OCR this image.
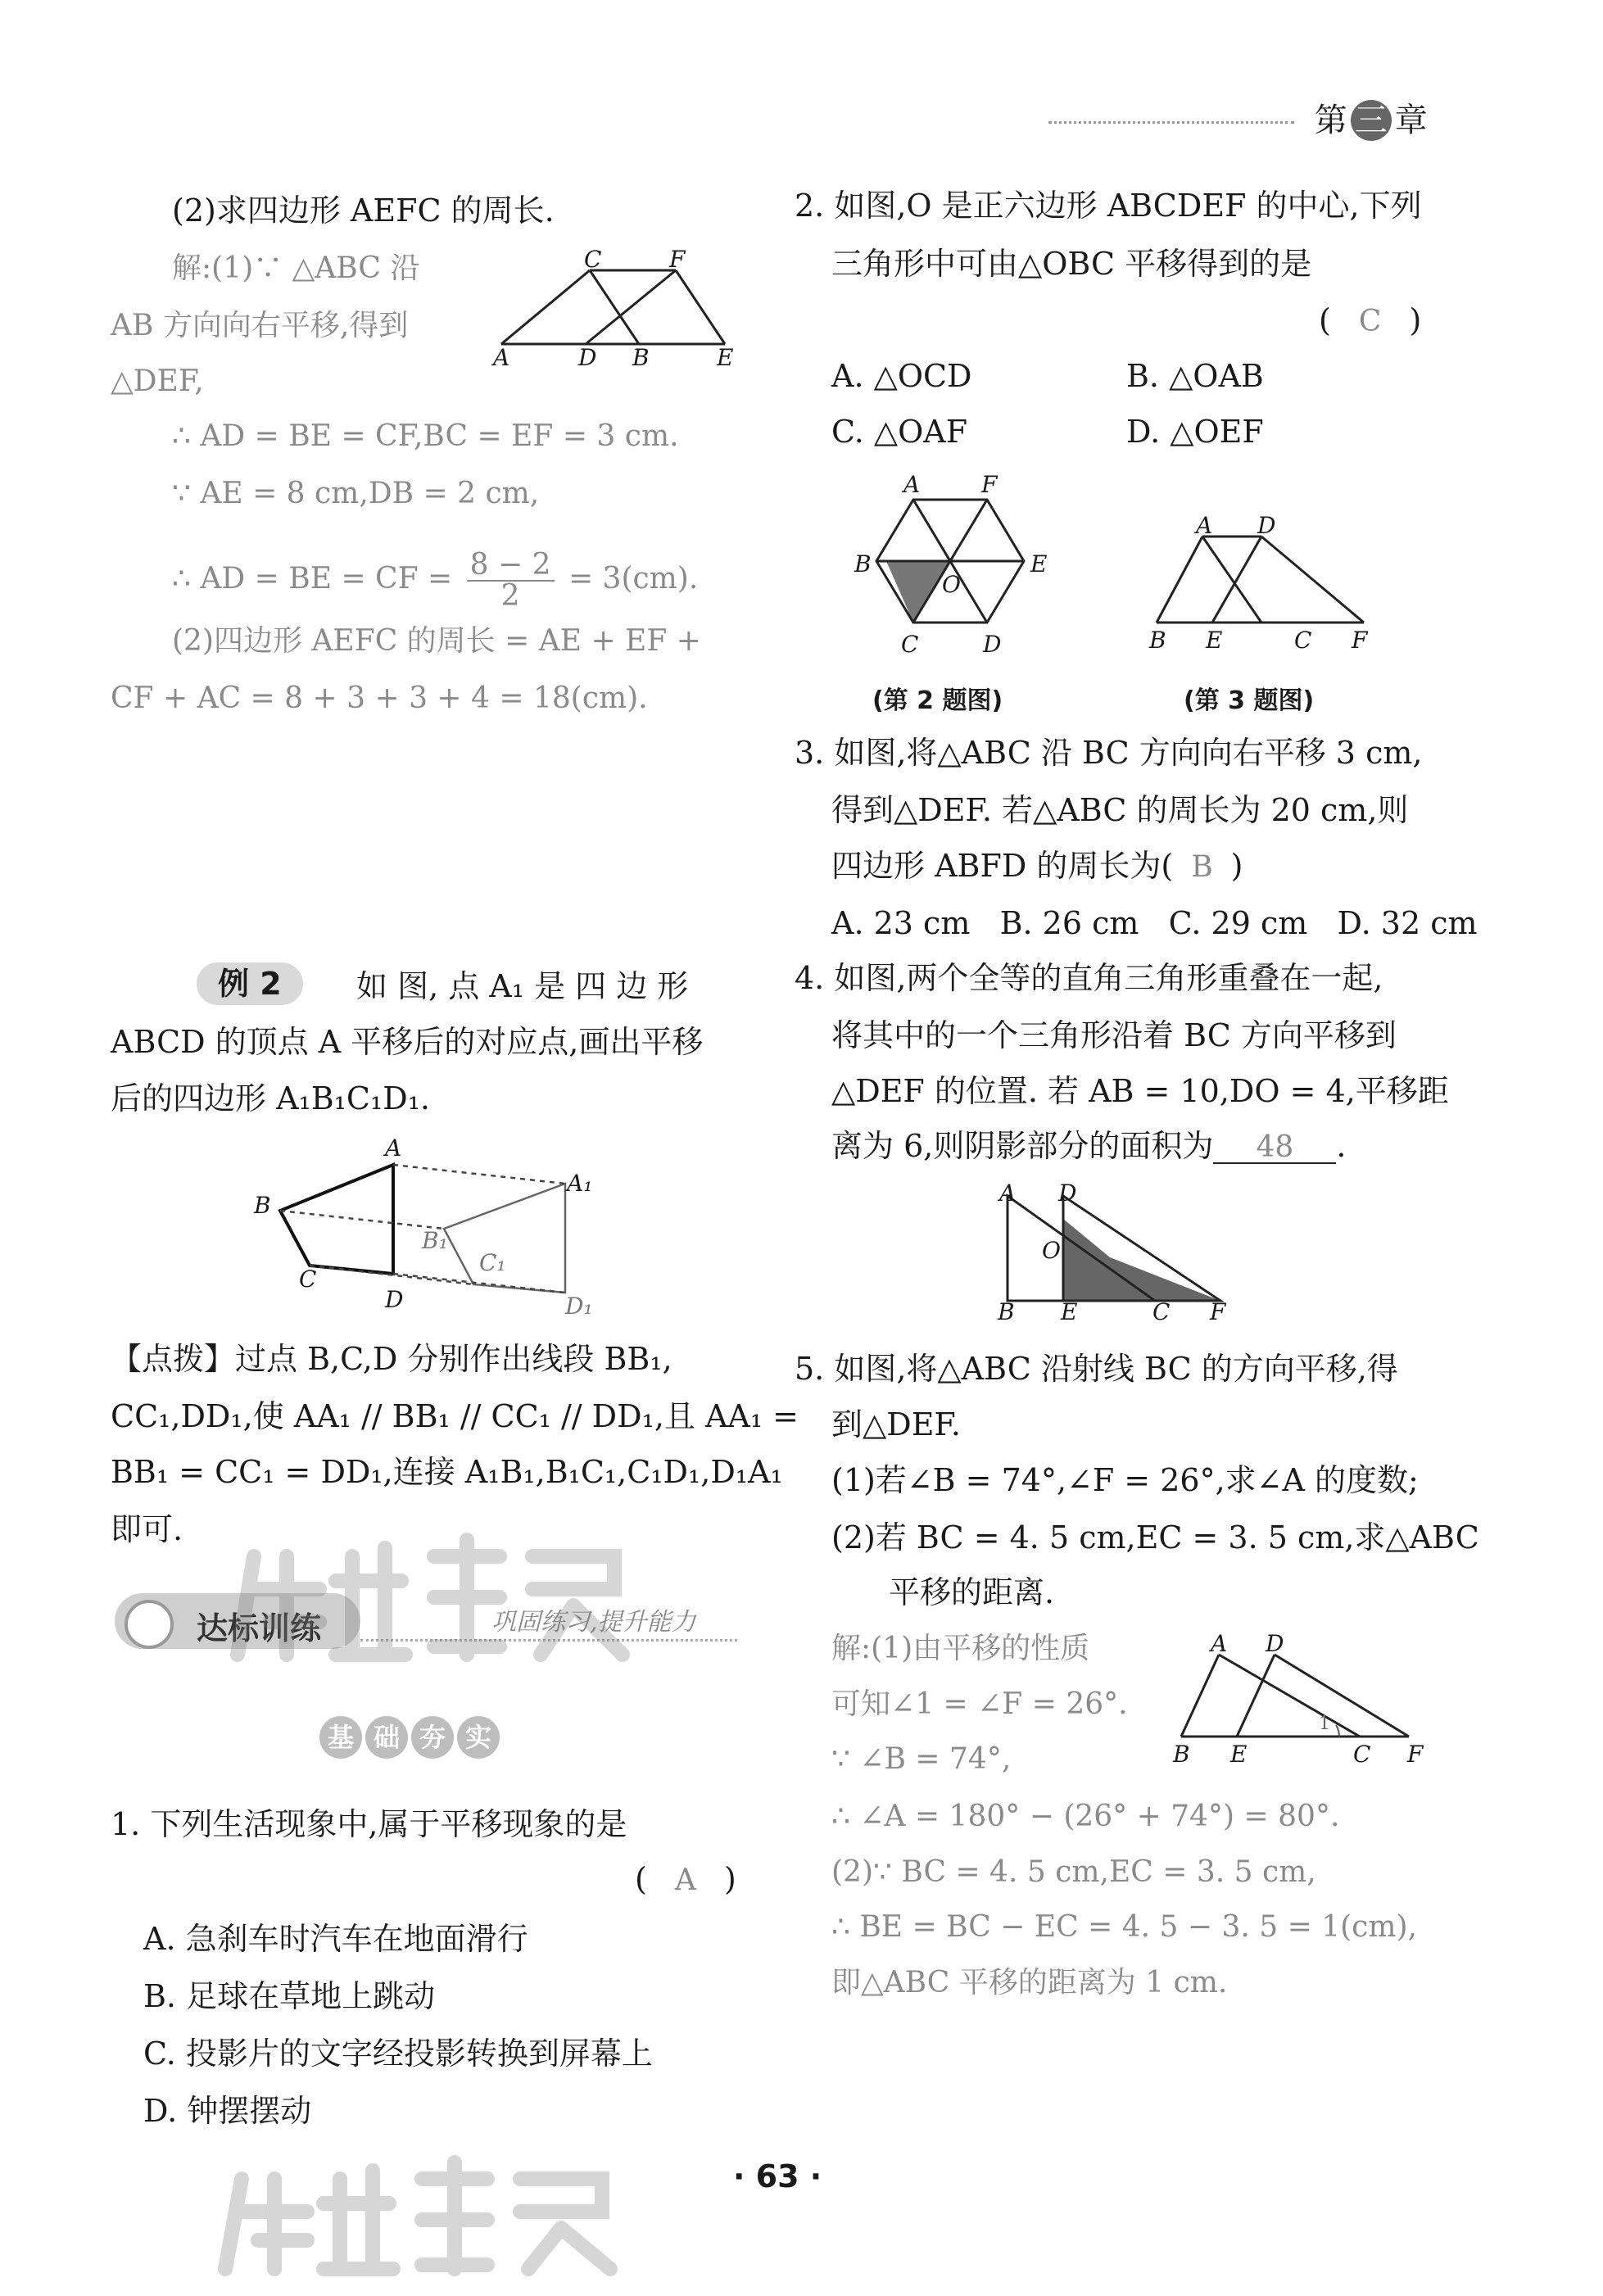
第 三 章
(2)求四边形 AEFC 的周长.
解:(1)∵ △ABC 沿
AB 方向向右平移,得到
△DEF,
C	F
A	D B	E
∴ AD = BE = CF,BC = EF = 3 cm.
∵ AE = 8 cm,DB = 2 cm,
∴ AD = BE = CF = $\frac{8 - 2}{2} = 3(cm)$.
(2)四边形 AEFC 的周长 = AE + EF +
CF + AC = 8 + 3 + 3 + 4 = 18(cm).
例 2	如 图, 点 A₁ 是 四 边 形
ABCD 的顶点 A 平移后的对应点,画出平移
后的四边形 A₁B₁C₁D₁.
A
A₁
B
B₁
C
C₁
D	D₁
【点拨】过点 B,C,D 分别作出线段 BB₁,
CC₁,DD₁,使 AA₁ // BB₁ // CC₁ // DD₁,且 AA₁ =
BB₁ = CC₁ = DD₁,连接 A₁B₁,B₁C₁,C₁D₁,D₁A₁
即可.
达标训练	巩固练习,提升能力
基 础 夯 实
1. 下列生活现象中,属于平移现象的是
( A )
A. 急刹车时汽车在地面滑行
B. 足球在草地上跳动
C. 投影片的文字经投影转换到屏幕上
D. 钟摆摆动
2. 如图,O 是正六边形 ABCDEF 的中心,下列
三角形中可由△OBC 平移得到的是
( C )
A. △OCD	B. △OAB
C. △OAF	D. △OEF
A	F
B	E
O
C	D
A D
B E	C F
(第 2 题图)	(第 3 题图)
3. 如图,将△ABC 沿 BC 方向向右平移 3 cm,
得到△DEF. 若△ABC 的周长为 20 cm,则
四边形 ABFD 的周长为( B )
A. 23 cm   B. 26 cm   C. 29 cm   D. 32 cm
4. 如图,两个全等的直角三角形重叠在一起,
将其中的一个三角形沿着 BC 方向平移到
△DEF 的位置. 若 AB = 10,DO = 4,平移距
离为 6,则阴影部分的面积为 48 .
A D
O
B E	C F
5. 如图,将△ABC 沿射线 BC 的方向平移,得
到△DEF.
(1)若∠B = 74°,∠F = 26°,求∠A 的度数;
(2)若 BC = 4. 5 cm,EC = 3. 5 cm,求△ABC
平移的距离.
解:(1)由平移的性质
可知∠1 = ∠F = 26°.
∵ ∠B = 74°,
A D
B E	C F
1
∴ ∠A = 180° − (26° + 74°) = 80°.
(2)∵ BC = 4. 5 cm,EC = 3. 5 cm,
∴ BE = BC − EC = 4. 5 − 3. 5 = 1(cm),
即△ABC 平移的距离为 1 cm.
· 63 ·
